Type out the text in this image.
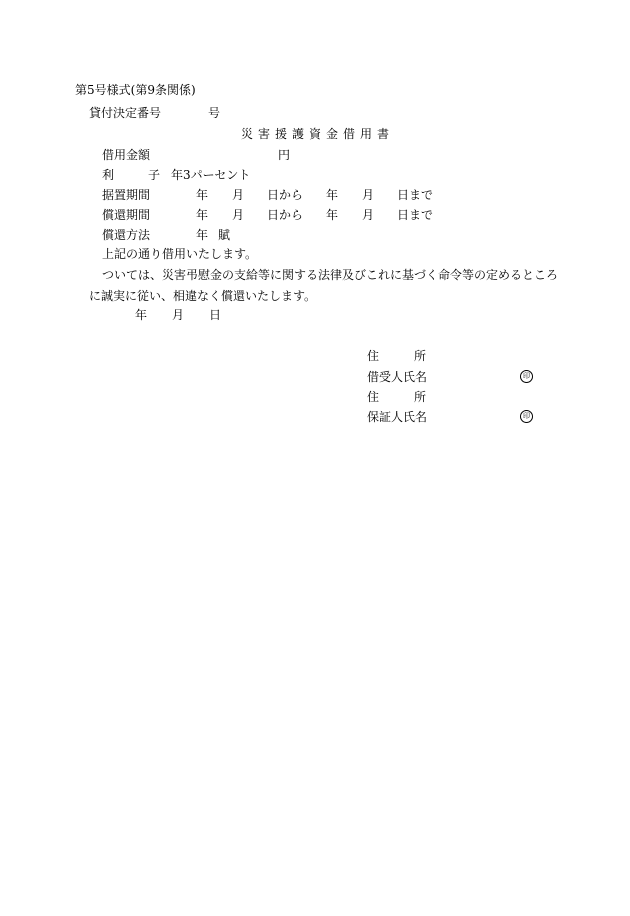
第5号様式(第9条関係)
貸付決定番号	号
災害援護資金借用書
借用金額	円
利	子 年3パーセント
据置期間	年 月 日から 年 月 日まで
償還期間	年 月 日から 年 月 日まで
償還方法	年 賦
上記の通り借用いたします。
ついては、災害弔慰金の支給等に関する法律及びこれに基づく命令等の定めるところ
に誠実に従い、相違なく償還いたします。
年 月 日
住	所
借受人氏名	印
住	所
保証人氏名	印
